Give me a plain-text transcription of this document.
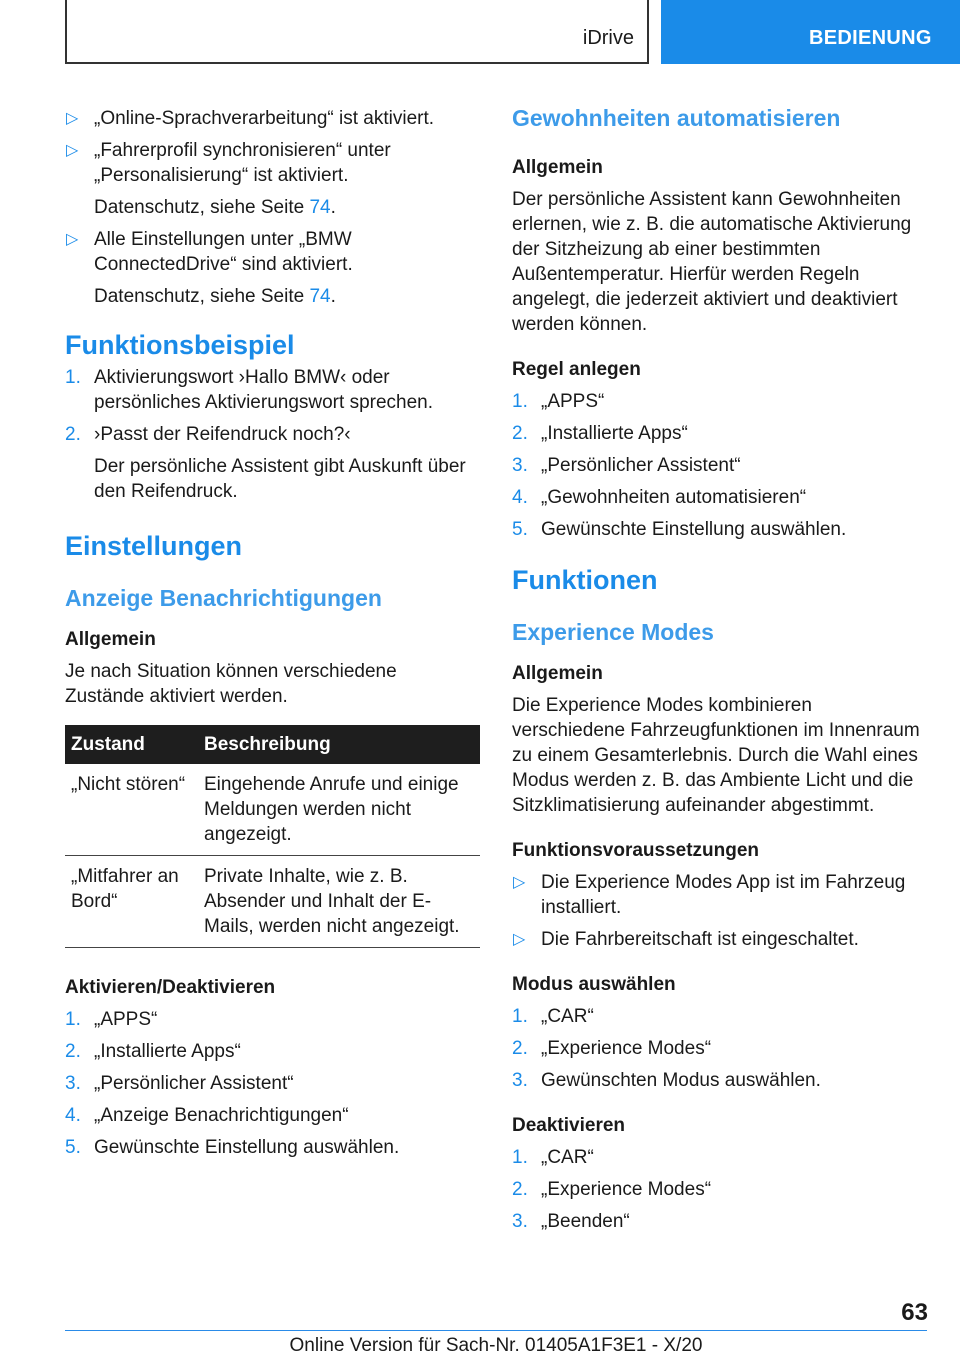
iDrive	BEDIENUNG
▷ „Online-Sprachverarbeitung“ ist aktiviert.
▷ „Fahrerprofil synchronisieren“ unter „Personalisierung“ ist aktiviert.
Datenschutz, siehe Seite 74.
▷ Alle Einstellungen unter „BMW ConnectedDrive“ sind aktiviert.
Datenschutz, siehe Seite 74.
Funktionsbeispiel
1. Aktivierungswort ›Hallo BMW‹ oder persönliches Aktivierungswort sprechen.
2. ›Passt der Reifendruck noch?‹
Der persönliche Assistent gibt Auskunft über den Reifendruck.
Einstellungen
Anzeige Benachrichtigungen
Allgemein
Je nach Situation können verschiedene Zustände aktiviert werden.
Zustand	Beschreibung
„Nicht stören“	Eingehende Anrufe und einige Meldungen werden nicht angezeigt.
„Mitfahrer an Bord“	Private Inhalte, wie z. B. Absender und Inhalt der E-Mails, werden nicht angezeigt.
Aktivieren/Deaktivieren
1. „APPS“
2. „Installierte Apps“
3. „Persönlicher Assistent“
4. „Anzeige Benachrichtigungen“
5. Gewünschte Einstellung auswählen.
Gewohnheiten automatisieren
Allgemein
Der persönliche Assistent kann Gewohnheiten erlernen, wie z. B. die automatische Aktivierung der Sitzheizung ab einer bestimmten Außentemperatur. Hierfür werden Regeln angelegt, die jederzeit aktiviert und deaktiviert werden können.
Regel anlegen
1. „APPS“
2. „Installierte Apps“
3. „Persönlicher Assistent“
4. „Gewohnheiten automatisieren“
5. Gewünschte Einstellung auswählen.
Funktionen
Experience Modes
Allgemein
Die Experience Modes kombinieren verschiedene Fahrzeugfunktionen im Innenraum zu einem Gesamterlebnis. Durch die Wahl eines Modus werden z. B. das Ambiente Licht und die Sitzklimatisierung aufeinander abgestimmt.
Funktionsvoraussetzungen
▷ Die Experience Modes App ist im Fahrzeug installiert.
▷ Die Fahrbereitschaft ist eingeschaltet.
Modus auswählen
1. „CAR“
2. „Experience Modes“
3. Gewünschten Modus auswählen.
Deaktivieren
1. „CAR“
2. „Experience Modes“
3. „Beenden“
63
Online Version für Sach-Nr. 01405A1F3E1 - X/20
